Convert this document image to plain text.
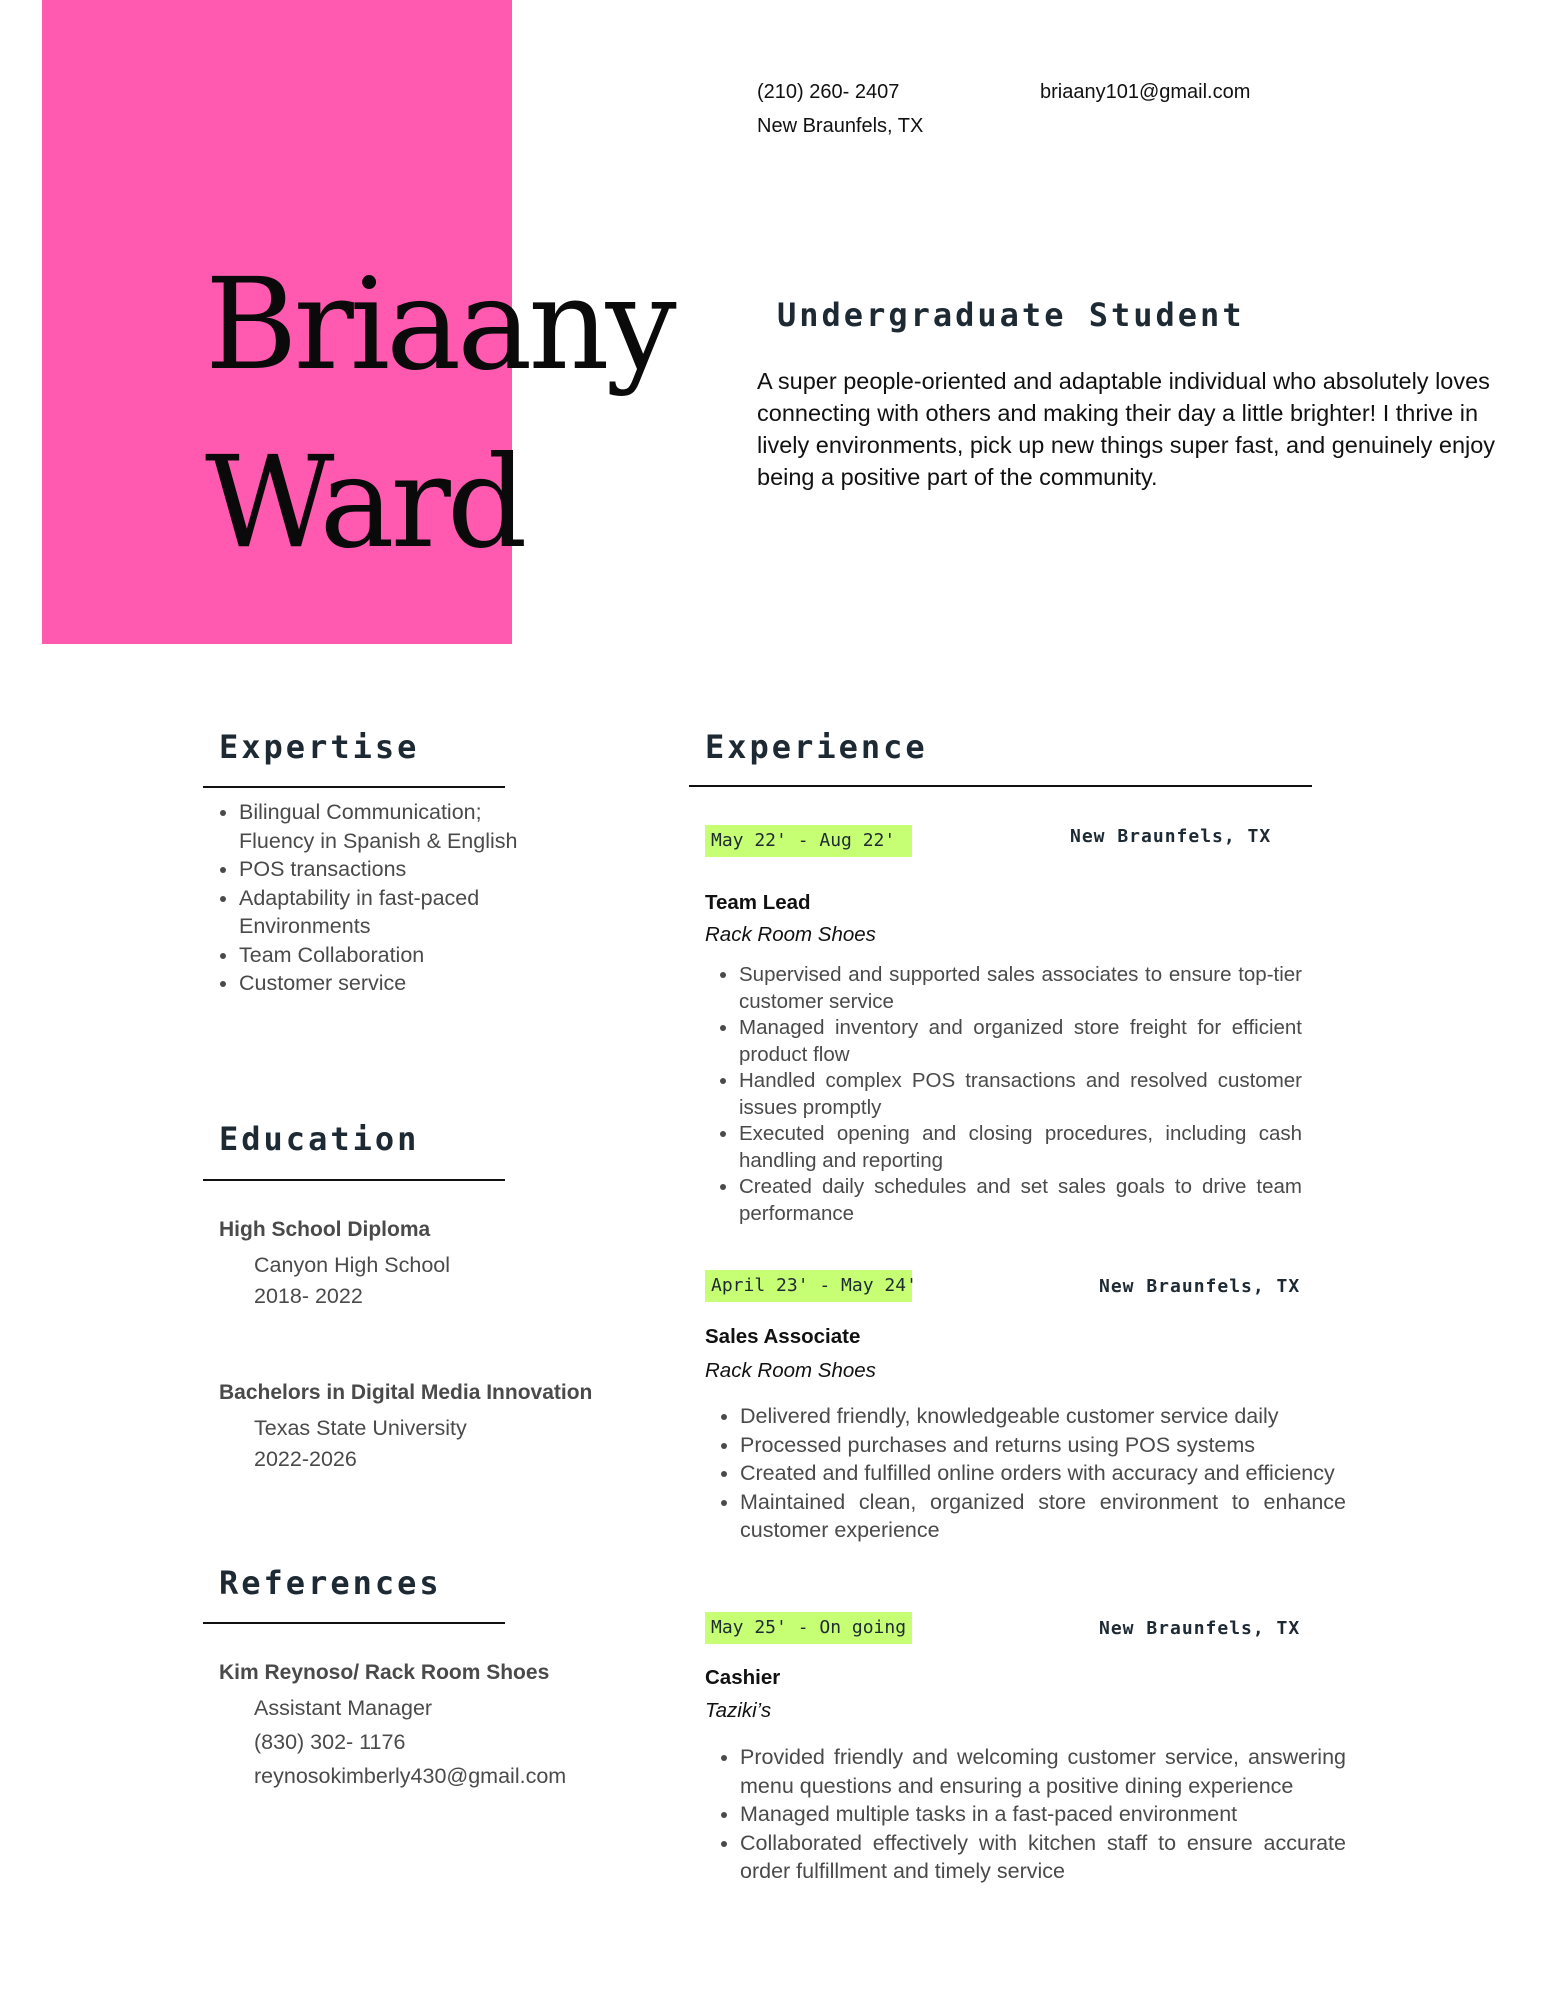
Briaany
Ward
(210) 260- 2407	briaany101@gmail.com
New Braunfels, TX
Undergraduate Student
A super people-oriented and adaptable individual who absolutely loves connecting with others and making their day a little brighter! I thrive in lively environments, pick up new things super fast, and genuinely enjoy being a positive part of the community.
Expertise
• Bilingual Communication; Fluency in Spanish & English
• POS transactions
• Adaptability in fast-paced Environments
• Team Collaboration
• Customer service
Education
High School Diploma
Canyon High School
2018- 2022
Bachelors in Digital Media Innovation
Texas State University
2022-2026
References
Kim Reynoso/ Rack Room Shoes
Assistant Manager
(830) 302- 1176
reynosokimberly430@gmail.com
Experience
May 22' - Aug 22'	New Braunfels, TX
Team Lead
Rack Room Shoes
• Supervised and supported sales associates to ensure top-tier customer service
• Managed inventory and organized store freight for efficient product flow
• Handled complex POS transactions and resolved customer issues promptly
• Executed opening and closing procedures, including cash handling and reporting
• Created daily schedules and set sales goals to drive team performance
April 23' - May 24'	New Braunfels, TX
Sales Associate
Rack Room Shoes
• Delivered friendly, knowledgeable customer service daily
• Processed purchases and returns using POS systems
• Created and fulfilled online orders with accuracy and efficiency
• Maintained clean, organized store environment to enhance customer experience
May 25' - On going	New Braunfels, TX
Cashier
Taziki’s
• Provided friendly and welcoming customer service, answering menu questions and ensuring a positive dining experience
• Managed multiple tasks in a fast-paced environment
• Collaborated effectively with kitchen staff to ensure accurate order fulfillment and timely service
